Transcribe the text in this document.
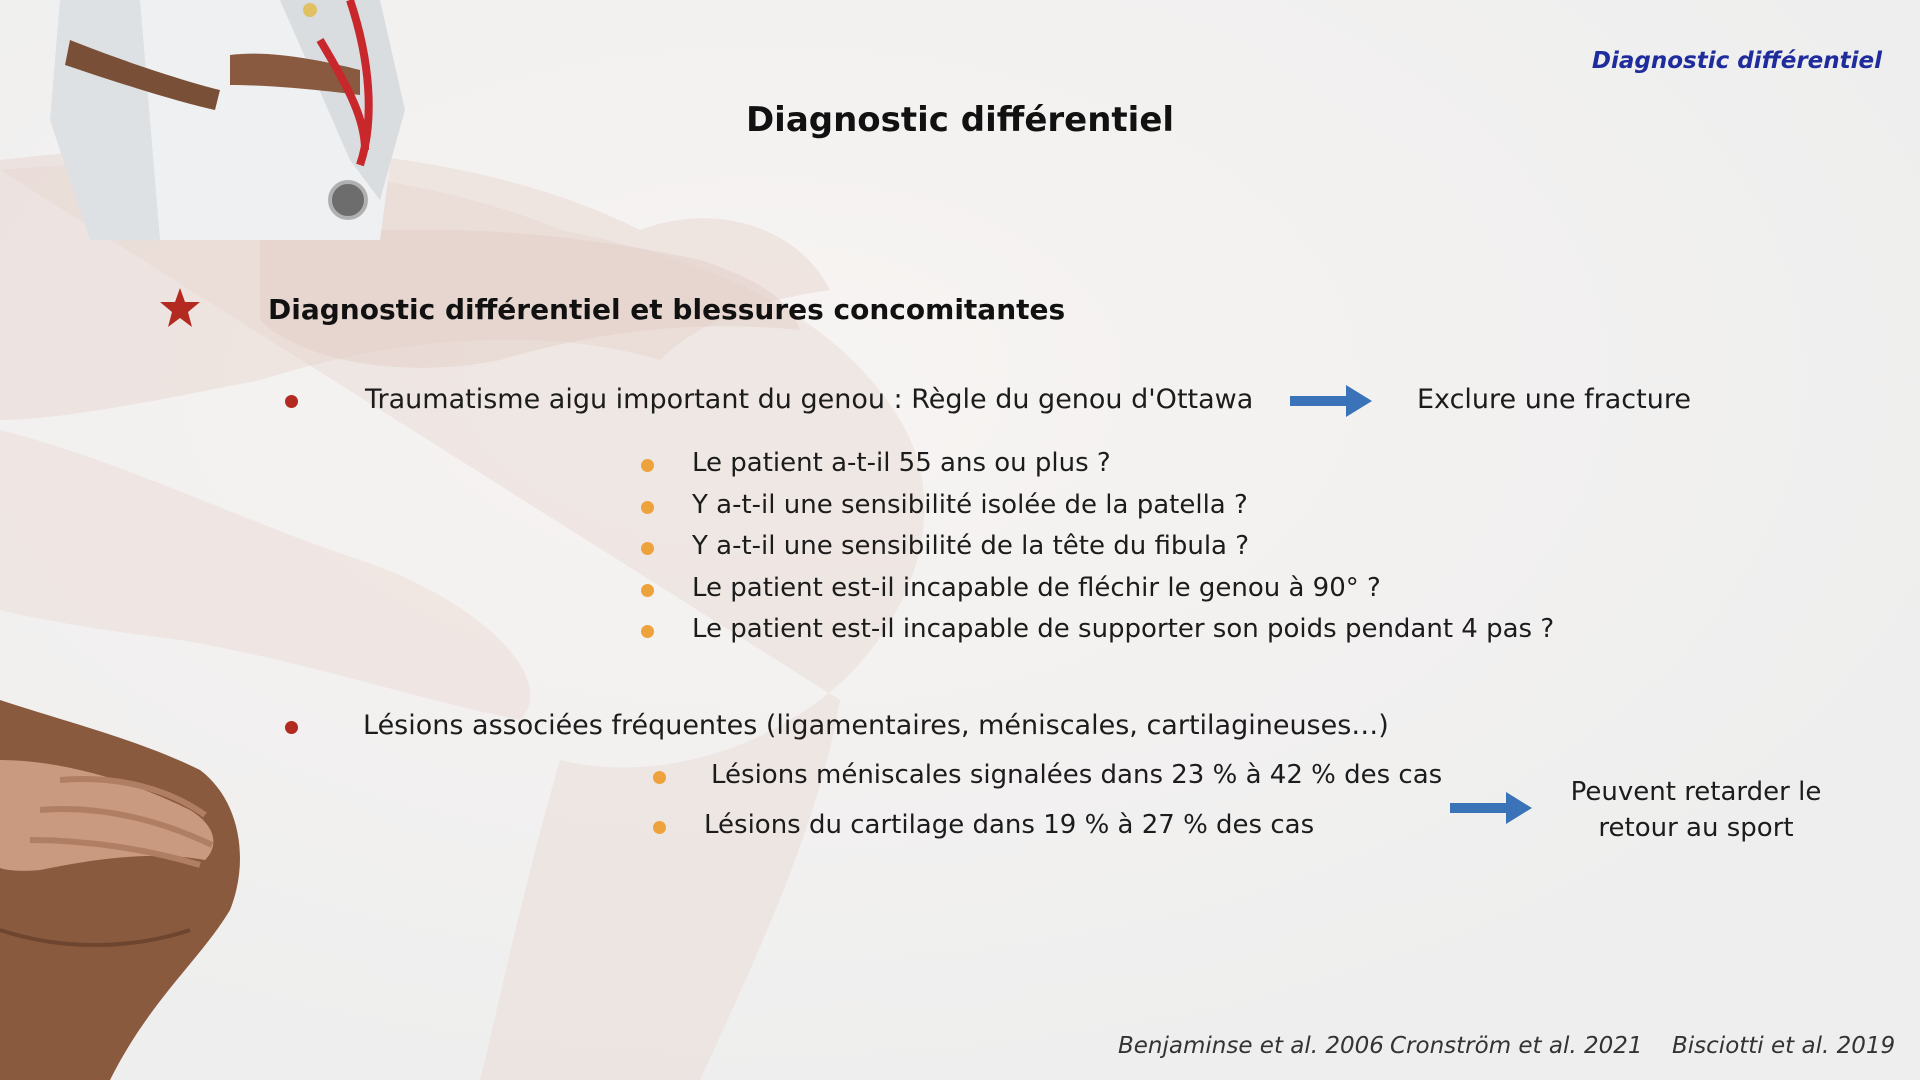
Diagnostic différentiel
Diagnostic différentiel
Diagnostic différentiel et blessures concomitantes
Traumatisme aigu important du genou : Règle du genou d'Ottawa	Exclure une fracture
Le patient a-t-il 55 ans ou plus ?
Y a-t-il une sensibilité isolée de la patella ?
Y a-t-il une sensibilité de la tête du fibula ?
Le patient est-il incapable de fléchir le genou à 90° ?
Le patient est-il incapable de supporter son poids pendant 4 pas ?
Lésions associées fréquentes (ligamentaires, méniscales, cartilagineuses…)
Lésions méniscales signalées dans 23 % à 42 % des cas
Lésions du cartilage dans 19 % à 27 % des cas
Peuvent retarder le retour au sport
Benjaminse et al. 2006 Cronström et al. 2021 Bisciotti et al. 2019
